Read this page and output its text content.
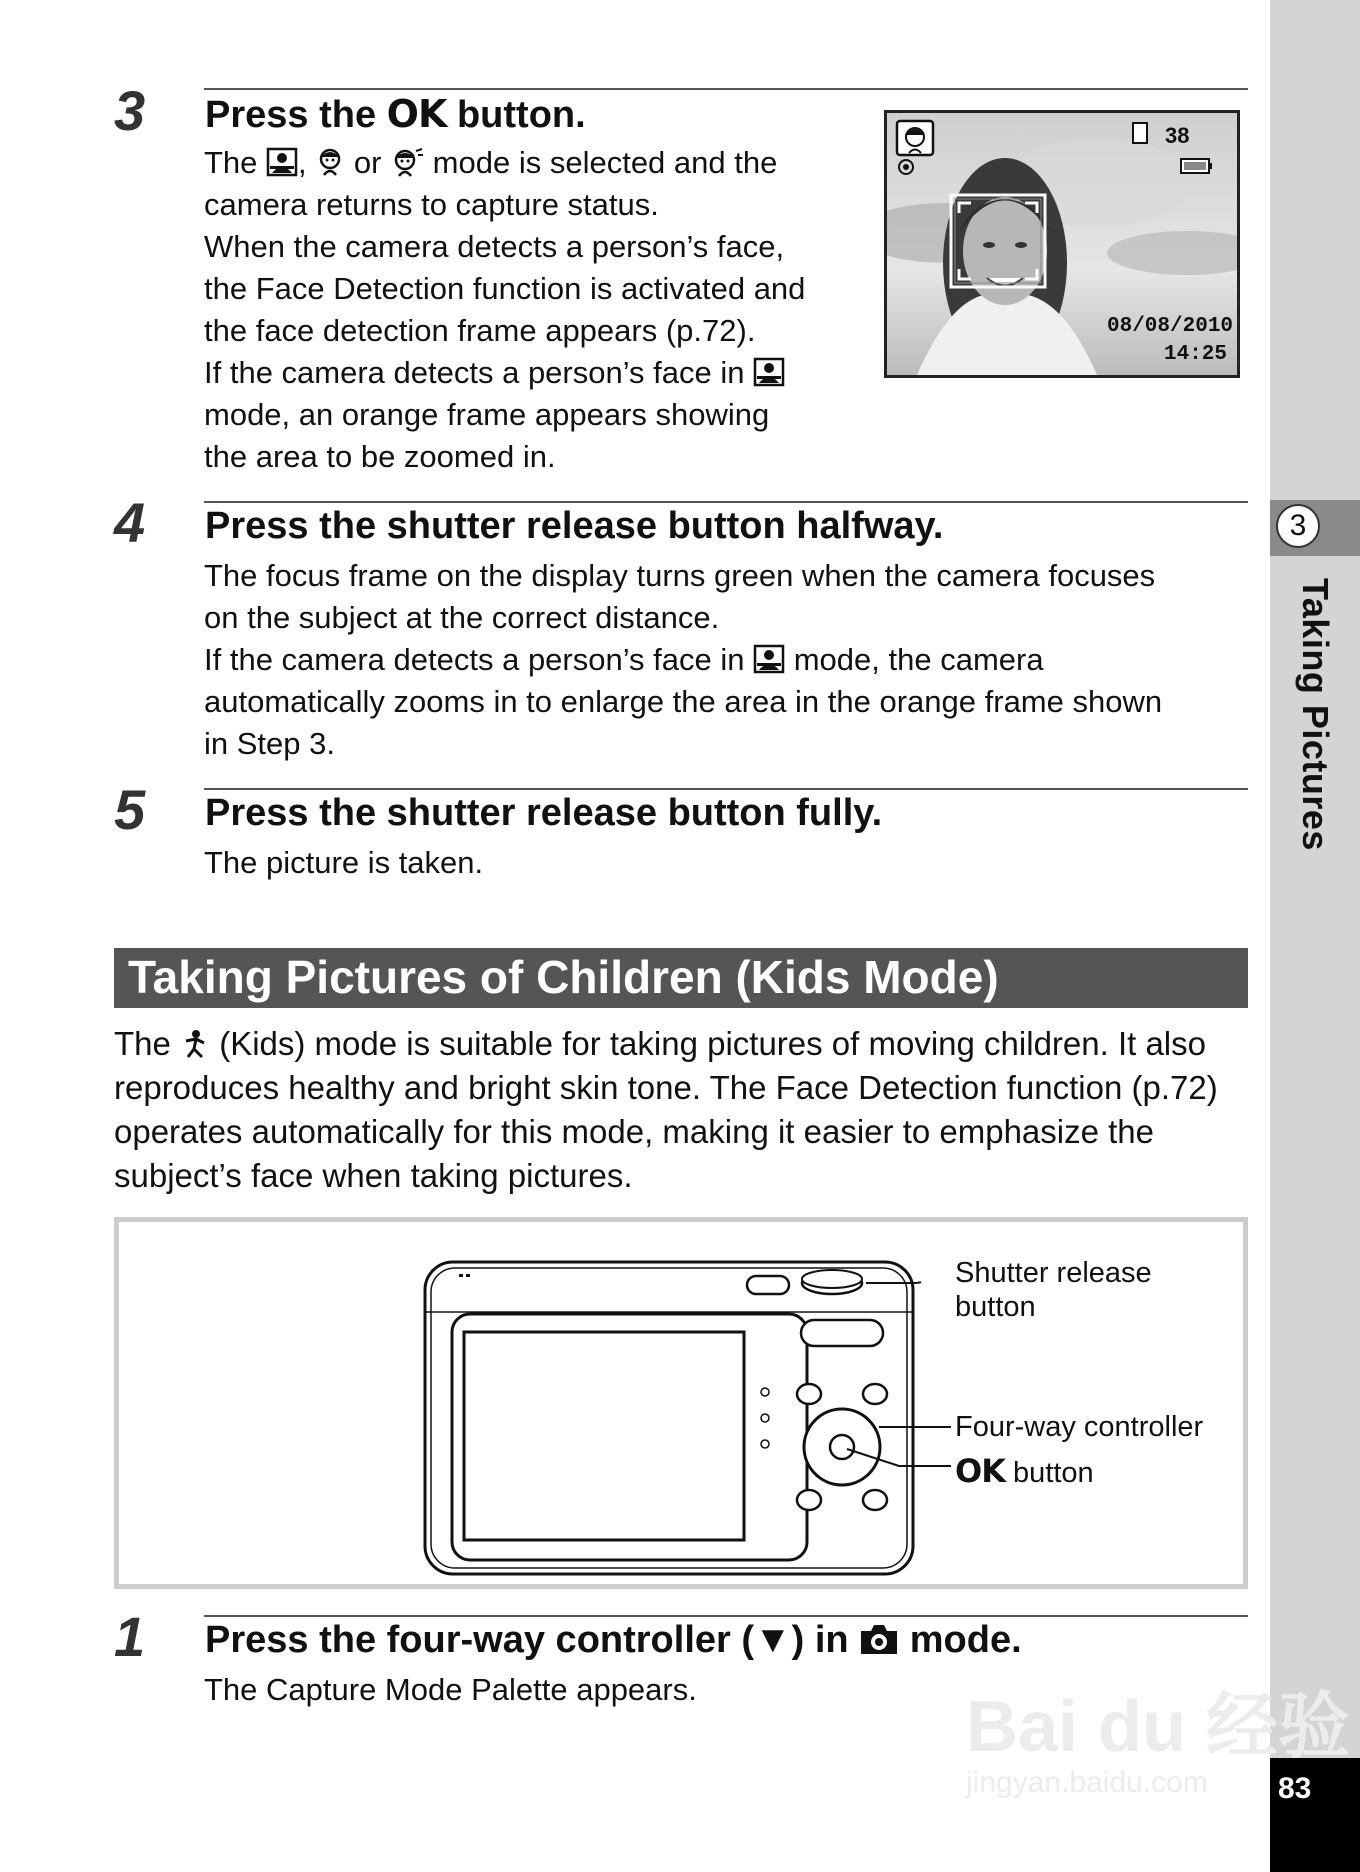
3
Taking Pictures
83
3 Press the OK button.

The ,  or  mode is selected and the

camera returns to capture status.

When the camera detects a person’s face,

the Face Detection function is activated and

the face detection frame appears (p.72).

If the camera detects a person’s face in

mode, an orange frame appears showing

the area to be zoomed in.

38
08/08/2010
14:25
4 Press the shutter release button halfway.

The focus frame on the display turns green when the camera focuses

on the subject at the correct distance.

If the camera detects a person’s face in  mode, the camera

automatically zooms in to enlarge the area in the orange frame shown

in Step 3.

5 Press the shutter release button fully.

The picture is taken.

Taking Pictures of Children (Kids Mode)

The  (Kids) mode is suitable for taking pictures of moving children. It also reproduces healthy and bright skin tone. The Face Detection function (p.72) operates automatically for this mode, making it easier to emphasize the subject’s face when taking pictures.

Shutter release
button
Four-way controller
OK button
1 Press the four-way controller (▼) in  mode.

The Capture Mode Palette appears.	Bai du 经验
jingyan.baidu.com
